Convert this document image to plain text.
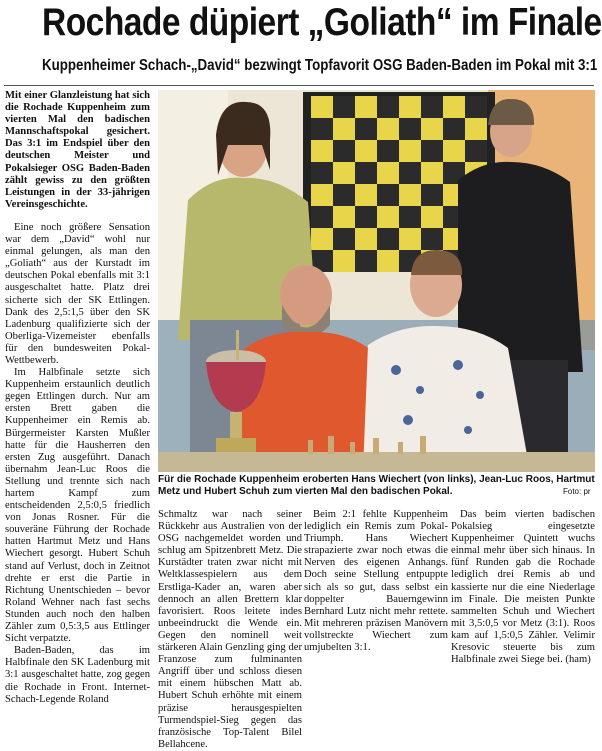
Rochade düpiert „Goliath“ im Finale
Kuppenheimer Schach-„David“ bezwingt Topfavorit OSG Baden-Baden im Pokal mit 3:1

Mit einer Glanzleistung hat sich die Rochade Kuppenheim zum vierten Mal den badischen Mannschaftspokal gesichert. Das 3:1 im Endspiel über den deutschen Meister und Pokalsieger OSG Baden-Baden zählt gewiss zu den größten Leistungen in der 33-jährigen Vereinsgeschichte.

Eine noch größere Sensation war dem „David“ wohl nur einmal gelungen, als man den „Goliath“ aus der Kurstadt im deutschen Pokal ebenfalls mit 3:1 ausgeschaltet hatte. Platz drei sicherte sich der SK Ettlingen. Dank des 2,5:1,5 über den SK Ladenburg qualifizierte sich der Oberliga-Vizemeister ebenfalls für den bundesweiten Pokal-Wettbewerb.

Im Halbfinale setzte sich Kuppenheim erstaunlich deutlich gegen Ettlingen durch. Nur am ersten Brett gaben die Kuppenheimer ein Remis ab. Bürgermeister Karsten Mußler hatte für die Hausherren den ersten Zug ausgeführt. Danach übernahm Jean-Luc Roos die Stellung und trennte sich nach hartem Kampf zum entscheidenden 2,5:0,5 friedlich von Jonas Rosner. Für die souveräne Führung der Rochade hatten Hartmut Metz und Hans Wiechert gesorgt. Hubert Schuh stand auf Verlust, doch in Zeitnot drehte er erst die Partie in Richtung Unentschieden – bevor Roland Wehner nach fast sechs Stunden auch noch den halben Zähler zum 0,5:3,5 aus Ettlinger Sicht verpatzte.

Baden-Baden, das im Halbfinale den SK Ladenburg mit 3:1 ausgeschaltet hatte, zog gegen die Rochade in Front. Internet-Schach-Legende Roland

Für die Rochade Kuppenheim eroberten Hans Wiechert (von links), Jean-Luc Roos, Hartmut Metz und Hubert Schuh zum vierten Mal den badischen Pokal.	Foto: pr

Schmaltz war nach seiner Rückkehr aus Australien von der OSG nachgemeldet worden und schlug am Spitzenbrett Metz. Die Kurstädter traten zwar nicht mit Weltklassespielern aus dem Erstliga-Kader an, waren aber dennoch an allen Brettern klar favorisiert. Roos leitete indes unbeeindruckt die Wende ein. Gegen den nominell weit stärkeren Alain Genzling ging der Franzose zum fulminanten Angriff über und schloss diesen mit einem hübschen Matt ab. Hubert Schuh erhöhte mit einem präzise herausgespielten Turmendspiel-Sieg gegen das französische Top-Talent Bilel Bellahcene.

Beim 2:1 fehlte Kuppenheim lediglich ein Remis zum Pokal-Triumph. Hans Wiechert strapazierte zwar noch etwas die Nerven des eigenen Anhangs. Doch seine Stellung entpuppte sich als so gut, dass selbst ein doppelter Bauerngewinn Bernhard Lutz nicht mehr rettete. Mit mehreren präzisen Manövern vollstreckte Wiechert zum umjubelten 3:1.

Das beim vierten badischen Pokalsieg eingesetzte Kuppenheimer Quintett wuchs einmal mehr über sich hinaus. In fünf Runden gab die Rochade lediglich drei Remis ab und kassierte nur die eine Niederlage im Finale. Die meisten Punkte sammelten Schuh und Wiechert mit 3,5:0,5 vor Metz (3:1). Roos kam auf 1,5:0,5 Zähler. Velimir Kresovic steuerte bis zum Halbfinale zwei Siege bei. (ham)
